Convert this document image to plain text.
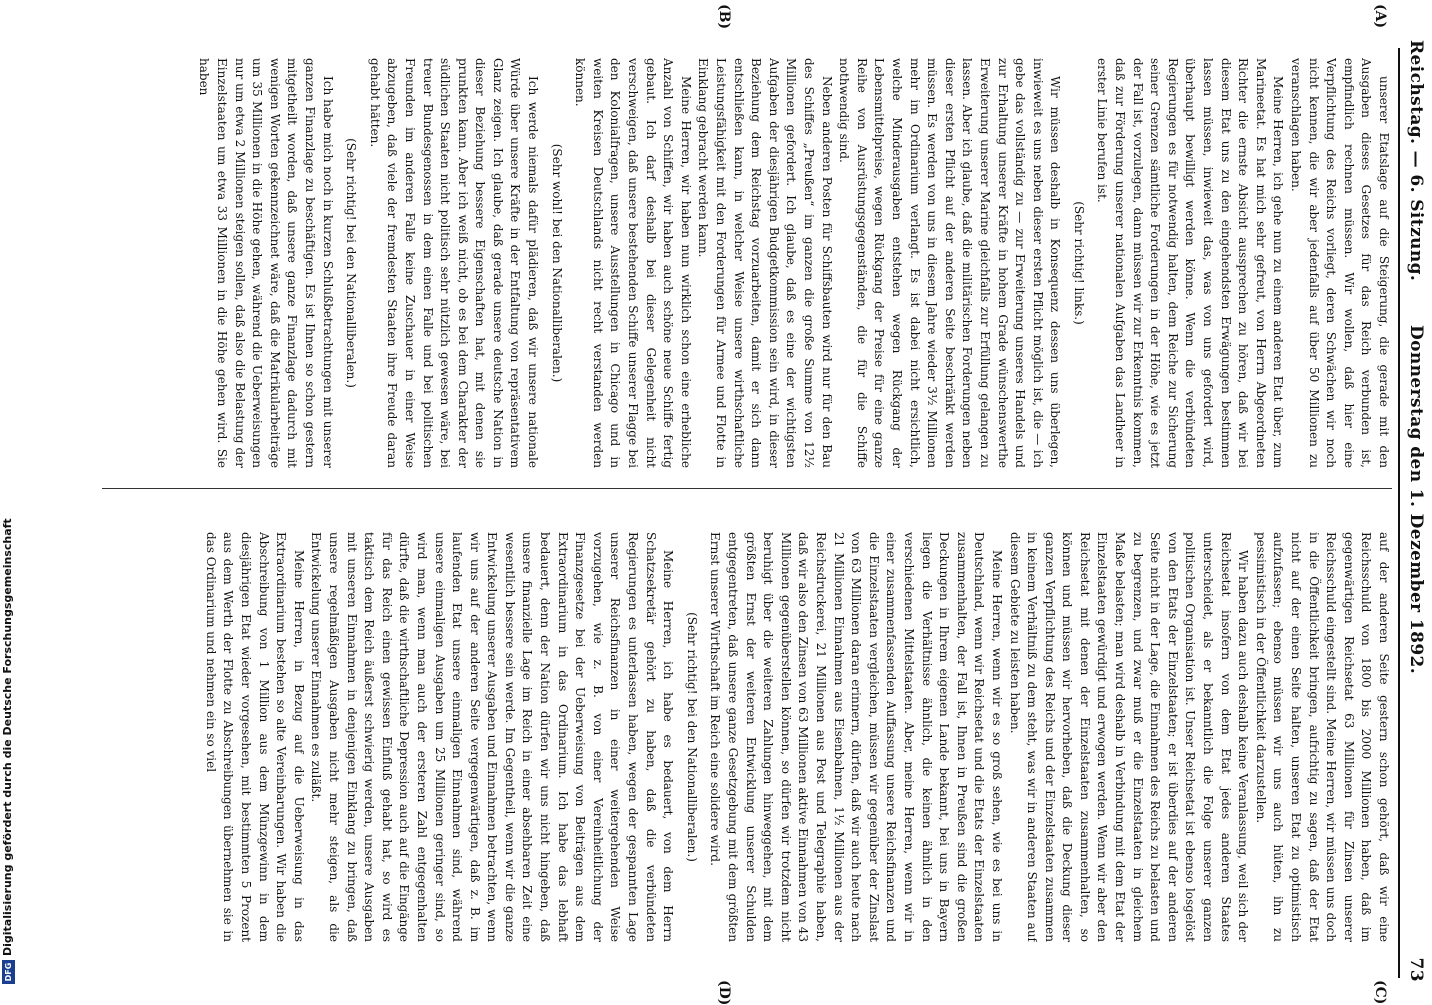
DFGDigitalisierung gefördert durch die Deutsche Forschungsgemeinschaft
Reichstag. — 6. Sitzung.
Donnerstag den 1. Dezember 1892.
73
(A)
(B)
(C)
(D)

unserer Etatslage auf die Steigerung, die gerade mit den Ausgaben dieses Gesetzes für das Reich verbunden ist, empfindlich rechnen müssen. Wir wollen, daß hier eine Verpflichtung des Reichs vorliegt, deren Schwächen wir noch nicht kennen, die wir aber jedenfalls auf über 50 Millionen zu veranschlagen haben.

Meine Herren, ich gehe nun zu einem anderen Etat über, zum Marineetat. Es hat mich sehr gefreut, von Herrn Abgeordneten Richter die ernste Absicht aussprechen zu hören, daß wir bei diesem Etat uns zu den eingehendsten Erwägungen bestimmen lassen müssen, inwieweit das, was von uns gefordert wird, überhaupt bewilligt werden könne. Wenn die verbündeten Regierungen es für notwendig halten, dem Reiche zur Sicherung seiner Grenzen sämtliche Forderungen in der Höhe, wie es jetzt der Fall ist, vorzulegen, dann müssen wir zur Erkenntnis kommen, daß zur Förderung unserer nationalen Aufgaben das Landheer in erster Linie berufen ist.

(Sehr richtig! links.)

Wir müssen deshalb in Konsequenz dessen uns überlegen, inwieweit es uns neben dieser ersten Pflicht möglich ist, die — ich gebe das vollständig zu — zur Erweiterung unseres Handels und zur Erhaltung unserer Kräfte in hohem Grade wünschenswerthe Erweiterung unserer Marine gleichfalls zur Erfüllung gelangen zu lassen. Aber ich glaube, daß die militärischen Forderungen neben dieser ersten Pflicht auf der anderen Seite beschränkt werden müssen. Es werden von uns in diesem Jahre wieder 3¹⁄₂ Millionen mehr im Ordinarium verlangt. Es ist dabei nicht ersichtlich, welche Minderausgaben entstehen wegen Rückgang der Lebensmittelpreise, wegen Rückgang der Preise für eine ganze Reihe von Ausrüstungsgegenständen, die für die Schiffe nothwendig sind.

Neben anderen Posten für Schiffsbauten wird nur für den Bau des Schiffes „Preußen“ im ganzen die große Summe von 12¹⁄₂ Millionen gefordert. Ich glaube, daß es eine der wichtigsten Aufgaben der diesjährigen Budgetkommission sein wird, in dieser Beziehung dem Reichstag vorzuarbeiten, damit er sich dann entschließen kann, in welcher Weise unsere wirthschaftliche Leistungsfähigkeit mit den Forderungen für Armee und Flotte in Einklang gebracht werden kann.

Meine Herren, wir haben nun wirklich schon eine erhebliche Anzahl von Schiffen, wir haben auch schöne neue Schiffe fertig gebaut. Ich darf deshalb bei dieser Gelegenheit nicht verschweigen, daß unsere bestehenden Schiffe unserer Flagge bei den Kolonialfragen, unsere Ausstellungen in Chicago und in weiten Kreisen Deutschlands nicht recht verstanden werden können.

(Sehr wohl! bei den Nationalliberalen.)

Ich werde niemals dafür plädieren, daß wir unsere nationale Würde über unsere Kräfte in der Entfaltung von repräsentativem Glanz zeigen. Ich glaube, daß gerade unsere deutsche Nation in dieser Beziehung bessere Eigenschaften hat, mit denen sie prunkten kann. Aber ich weiß nicht, ob es bei dem Charakter der südlichen Staaten nicht politisch sehr nützlich gewesen wäre, bei treuer Bundesgenossen in dem einen Falle und bei politischen Freunden im anderen Falle keine Zuschauer in einer Weise abzugeben, daß viele der fremdesten Staaten ihre Freude daran gehabt hätten.

(Sehr richtig! bei den Nationalliberalen.)

Ich habe mich noch in kurzen Schlußbetrachtungen mit unserer ganzen Finanzlage zu beschäftigen. Es ist Ihnen so schon gestern mitgetheilt worden, daß unsere ganze Finanzlage dadurch mit wenigen Worten gekennzeichnet wäre, daß die Matrikularbeiträge um 35 Millionen in die Höhe gehen, während die Ueberweisungen nur um etwa 2 Millionen steigen sollen, daß also die Belastung der Einzelstaaten um etwa 33 Millionen in die Höhe gehen wird. Sie haben

auf der anderen Seite gestern schon gehört, daß wir eine Reichsschuld von 1800 bis 2000 Millionen haben, daß im gegenwärtigen Reichsetat 63 Millionen für Zinsen unserer Reichsschuld eingestellt sind. Meine Herren, wir müssen uns doch in die Öffentlichkeit bringen, aufrichtig zu sagen, daß der Etat nicht auf der einen Seite halten, unseren Etat zu optimistisch aufzufassen; ebenso müssen wir uns auch hüten, ihn zu pessimistisch in der Öffentlichkeit darzustellen.

Wir haben dazu auch deshalb keine Veranlassung, weil sich der Reichsetat insofern von dem Etat jedes anderen Staates unterscheidet, als er bekanntlich die Folge unserer ganzen politischen Organisation ist. Unser Reichsetat ist ebenso losgelöst von den Etats der Einzelstaaten; er ist überdies auf der anderen Seite nicht in der Lage, die Einnahmen des Reichs zu belasten und zu begrenzen, und zwar muß er die Einzelstaaten in gleichem Maße belasten; man wird deshalb in Verbindung mit dem Etat der Einzelstaaten gewürdigt und erwogen werden. Wenn wir aber den Reichsetat mit denen der Einzelstaaten zusammenhalten, so können und müssen wir hervorheben, daß die Deckung dieser ganzen Verpflichtung des Reichs und der Einzelstaaten zusammen in keinem Verhältniß zu dem steht, was wir in anderen Staaten auf diesem Gebiete zu leisten haben.

Meine Herren, wenn wir es so groß sehen, wie es bei uns in Deutschland, wenn wir Reichsetat und die Etats der Einzelstaaten zusammenhalten, der Fall ist, Ihnen in Preußen sind die großen Deckungen in Ihrem eigenen Lande bekannt, bei uns in Bayern liegen die Verhältnisse ähnlich, die keinen ähnlich in den verschiedenen Mittelstaaten. Aber, meine Herren, wenn wir in einer zusammenfassenden Auffassung unsere Reichsfinanzen und die Einzelstaaten vergleichen, müssen wir gegenüber der Zinslast von 63 Millionen daran erinnern, dürfen, daß wir auch heute nach 21 Millionen Einnahmen aus Eisenbahnen, 1½ Millionen aus der Reichsdruckerei, 21 Millionen aus Post und Telegraphie haben, daß wir also den Zinsen von 63 Millionen aktive Einnahmen von 43 Millionen gegenüberstellen können, so dürfen wir trotzdem nicht beruhigt über die weiteren Zahlungen hinweggehen, mit dem größten Ernst der weiteren Entwicklung unserer Schulden entgegentreten, daß unsere ganze Gesetzgebung mit dem größten Ernst unserer Wirthschaft im Reich eine solidere wird.

(Sehr richtig! bei den Nationalliberalen.)

Meine Herren, ich habe es bedauert, von dem Herrn Schatzsekretär gehört zu haben, daß die verbündeten Regierungen es unterlassen haben, wegen der gespannten Lage unserer Reichsfinanzen in einer weitergehenden Weise vorzugehen, wie z. B. von einer Vereinheitlichung der Finanzgesetze bei der Ueberweisung von Beiträgen aus dem Extraordinarium in das Ordinarium. Ich habe das lebhaft bedauert, denn der Nation dürfen wir uns nicht hingeben, daß unsere finanzielle Lage im Reich in einer absehbaren Zeit eine wesentlich bessere sein werde. Im Gegentheil, wenn wir die ganze Entwickelung unserer Ausgaben und Einnahmen betrachten, wenn wir uns auf der anderen Seite vergegenwärtigen, daß z. B. im laufenden Etat unsere einmaligen Einnahmen sind, während unsere einmaligen Ausgaben um 25 Millionen geringer sind, so wird man, wenn man auch der ersteren Zahl entgegenhalten dürfte, daß die wirthschaftliche Depression auch auf die Eingänge für das Reich einen gewissen Einfluß gehabt hat, so wird es taktisch dem Reich äußerst schwierig werden, unsere Ausgaben mit unseren Einnahmen in denjenigen Einklang zu bringen, daß unsere regelmäßigen Ausgaben nicht mehr steigen, als die Entwickelung unserer Einnahmen es zuläßt.

Meine Herren, in Bezug auf die Ueberweisung in das Extraordinarium bestehen so alte Vereinbarungen. Wir haben die Abschreibung von 1 Million aus dem Münzgewinn in dem diesjährigen Etat wieder vorgesehen, mit bestimmten 5 Prozent aus dem Werth der Flotte zu Abschreibungen übernehmen sie in das Ordinarium und nehmen ein so viel
